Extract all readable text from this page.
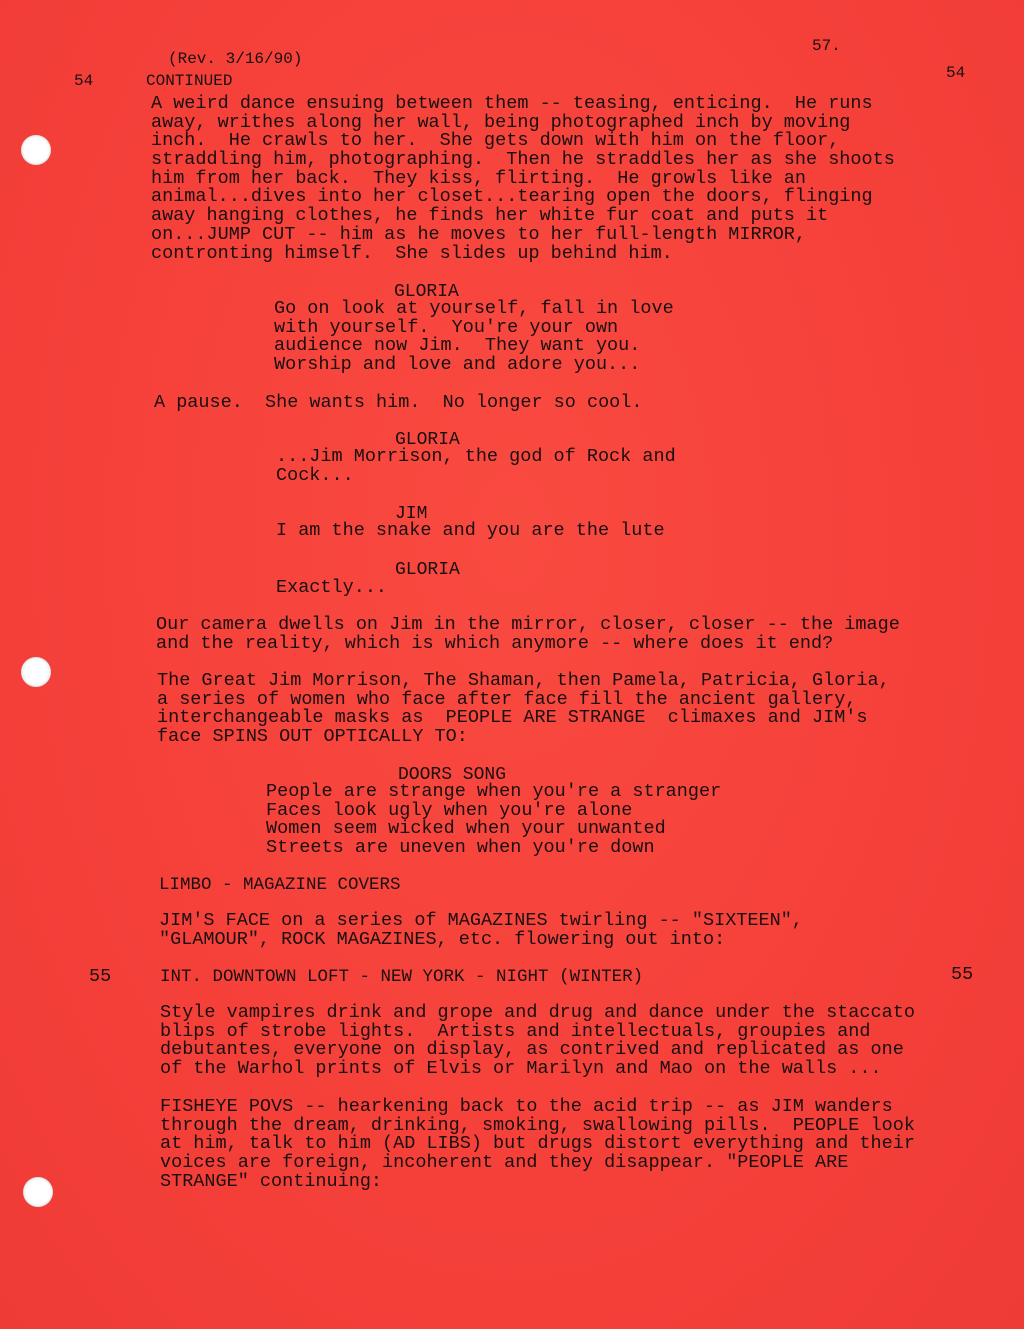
(Rev. 3/16/90)
57.
54	CONTINUED	54
A weird dance ensuing between them -- teasing, enticing.  He runs
away, writhes along her wall, being photographed inch by moving
inch.  He crawls to her.  She gets down with him on the floor,
straddling him, photographing.  Then he straddles her as she shoots
him from her back.  They kiss, flirting.  He growls like an
animal...dives into her closet...tearing open the doors, flinging
away hanging clothes, he finds her white fur coat and puts it
on...JUMP CUT -- him as he moves to her full-length MIRROR,
contronting himself.  She slides up behind him.
GLORIA
Go on look at yourself, fall in love
with yourself.  You're your own
audience now Jim.  They want you.
Worship and love and adore you...
A pause.  She wants him.  No longer so cool.
GLORIA
...Jim Morrison, the god of Rock and
Cock...
JIM
I am the snake and you are the lute
GLORIA
Exactly...
Our camera dwells on Jim in the mirror, closer, closer -- the image
and the reality, which is which anymore -- where does it end?
The Great Jim Morrison, The Shaman, then Pamela, Patricia, Gloria,
a series of women who face after face fill the ancient gallery,
interchangeable masks as  PEOPLE ARE STRANGE  climaxes and JIM's
face SPINS OUT OPTICALLY TO:
DOORS SONG
People are strange when you're a stranger
Faces look ugly when you're alone
Women seem wicked when your unwanted
Streets are uneven when you're down
LIMBO - MAGAZINE COVERS
JIM'S FACE on a series of MAGAZINES twirling -- "SIXTEEN",
"GLAMOUR", ROCK MAGAZINES, etc. flowering out into:
55	INT. DOWNTOWN LOFT - NEW YORK - NIGHT (WINTER)	55
Style vampires drink and grope and drug and dance under the staccato
blips of strobe lights.  Artists and intellectuals, groupies and
debutantes, everyone on display, as contrived and replicated as one
of the Warhol prints of Elvis or Marilyn and Mao on the walls ...
FISHEYE POVS -- hearkening back to the acid trip -- as JIM wanders
through the dream, drinking, smoking, swallowing pills.  PEOPLE look
at him, talk to him (AD LIBS) but drugs distort everything and their
voices are foreign, incoherent and they disappear. "PEOPLE ARE
STRANGE" continuing:
